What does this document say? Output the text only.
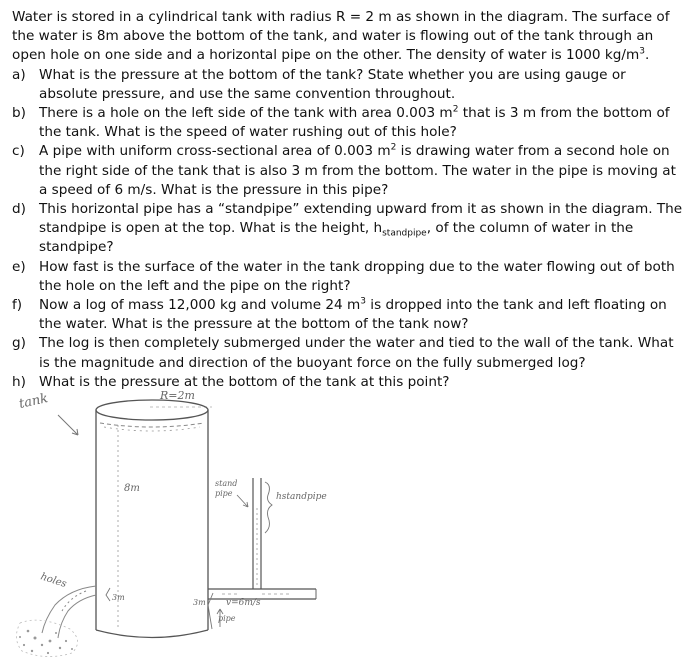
Water is stored in a cylindrical tank with radius R = 2 m as shown in the diagram. The surface of the water is 8m above the bottom of the tank, and water is flowing out of the tank through an open hole on one side and a horizontal pipe on the other. The density of water is 1000 $kg/m^3$.

a) What is the pressure at the bottom of the tank? State whether you are using gauge or absolute pressure, and use the same convention throughout.
b) There is a hole on the left side of the tank with area 0.003 $m^2$ that is 3 m from the bottom of the tank. What is the speed of water rushing out of this hole?
c)	A pipe with uniform cross-sectional area of 0.003 $m^2$ is drawing water from a second hole on the right side of the tank that is also 3 m from the bottom. The water in the pipe is moving at a speed of 6 m/s. What is the pressure in this pipe?
d) This horizontal pipe has a “standpipe” extending upward from it as shown in the diagram. The standpipe is open at the top. What is the height, $h_{standpipe}$, of the column of water in the standpipe?
e) How fast is the surface of the water in the tank dropping due to the water flowing out of both the hole on the left and the pipe on the right?
f)	Now a log of mass 12,000 kg and volume 24 $m^3$ is dropped into the tank and left floating on the water. What is the pressure at the bottom of the tank now?
g) The log is then completely submerged under the water and tied to the wall of the tank. What is the magnitude and direction of the buoyant force on the fully submerged log?
h) What is the pressure at the bottom of the tank at this point?
tank	R=2m
8m
3m
holes
stand
pipe	hstandpipe
3m v=6m/s
pipe
